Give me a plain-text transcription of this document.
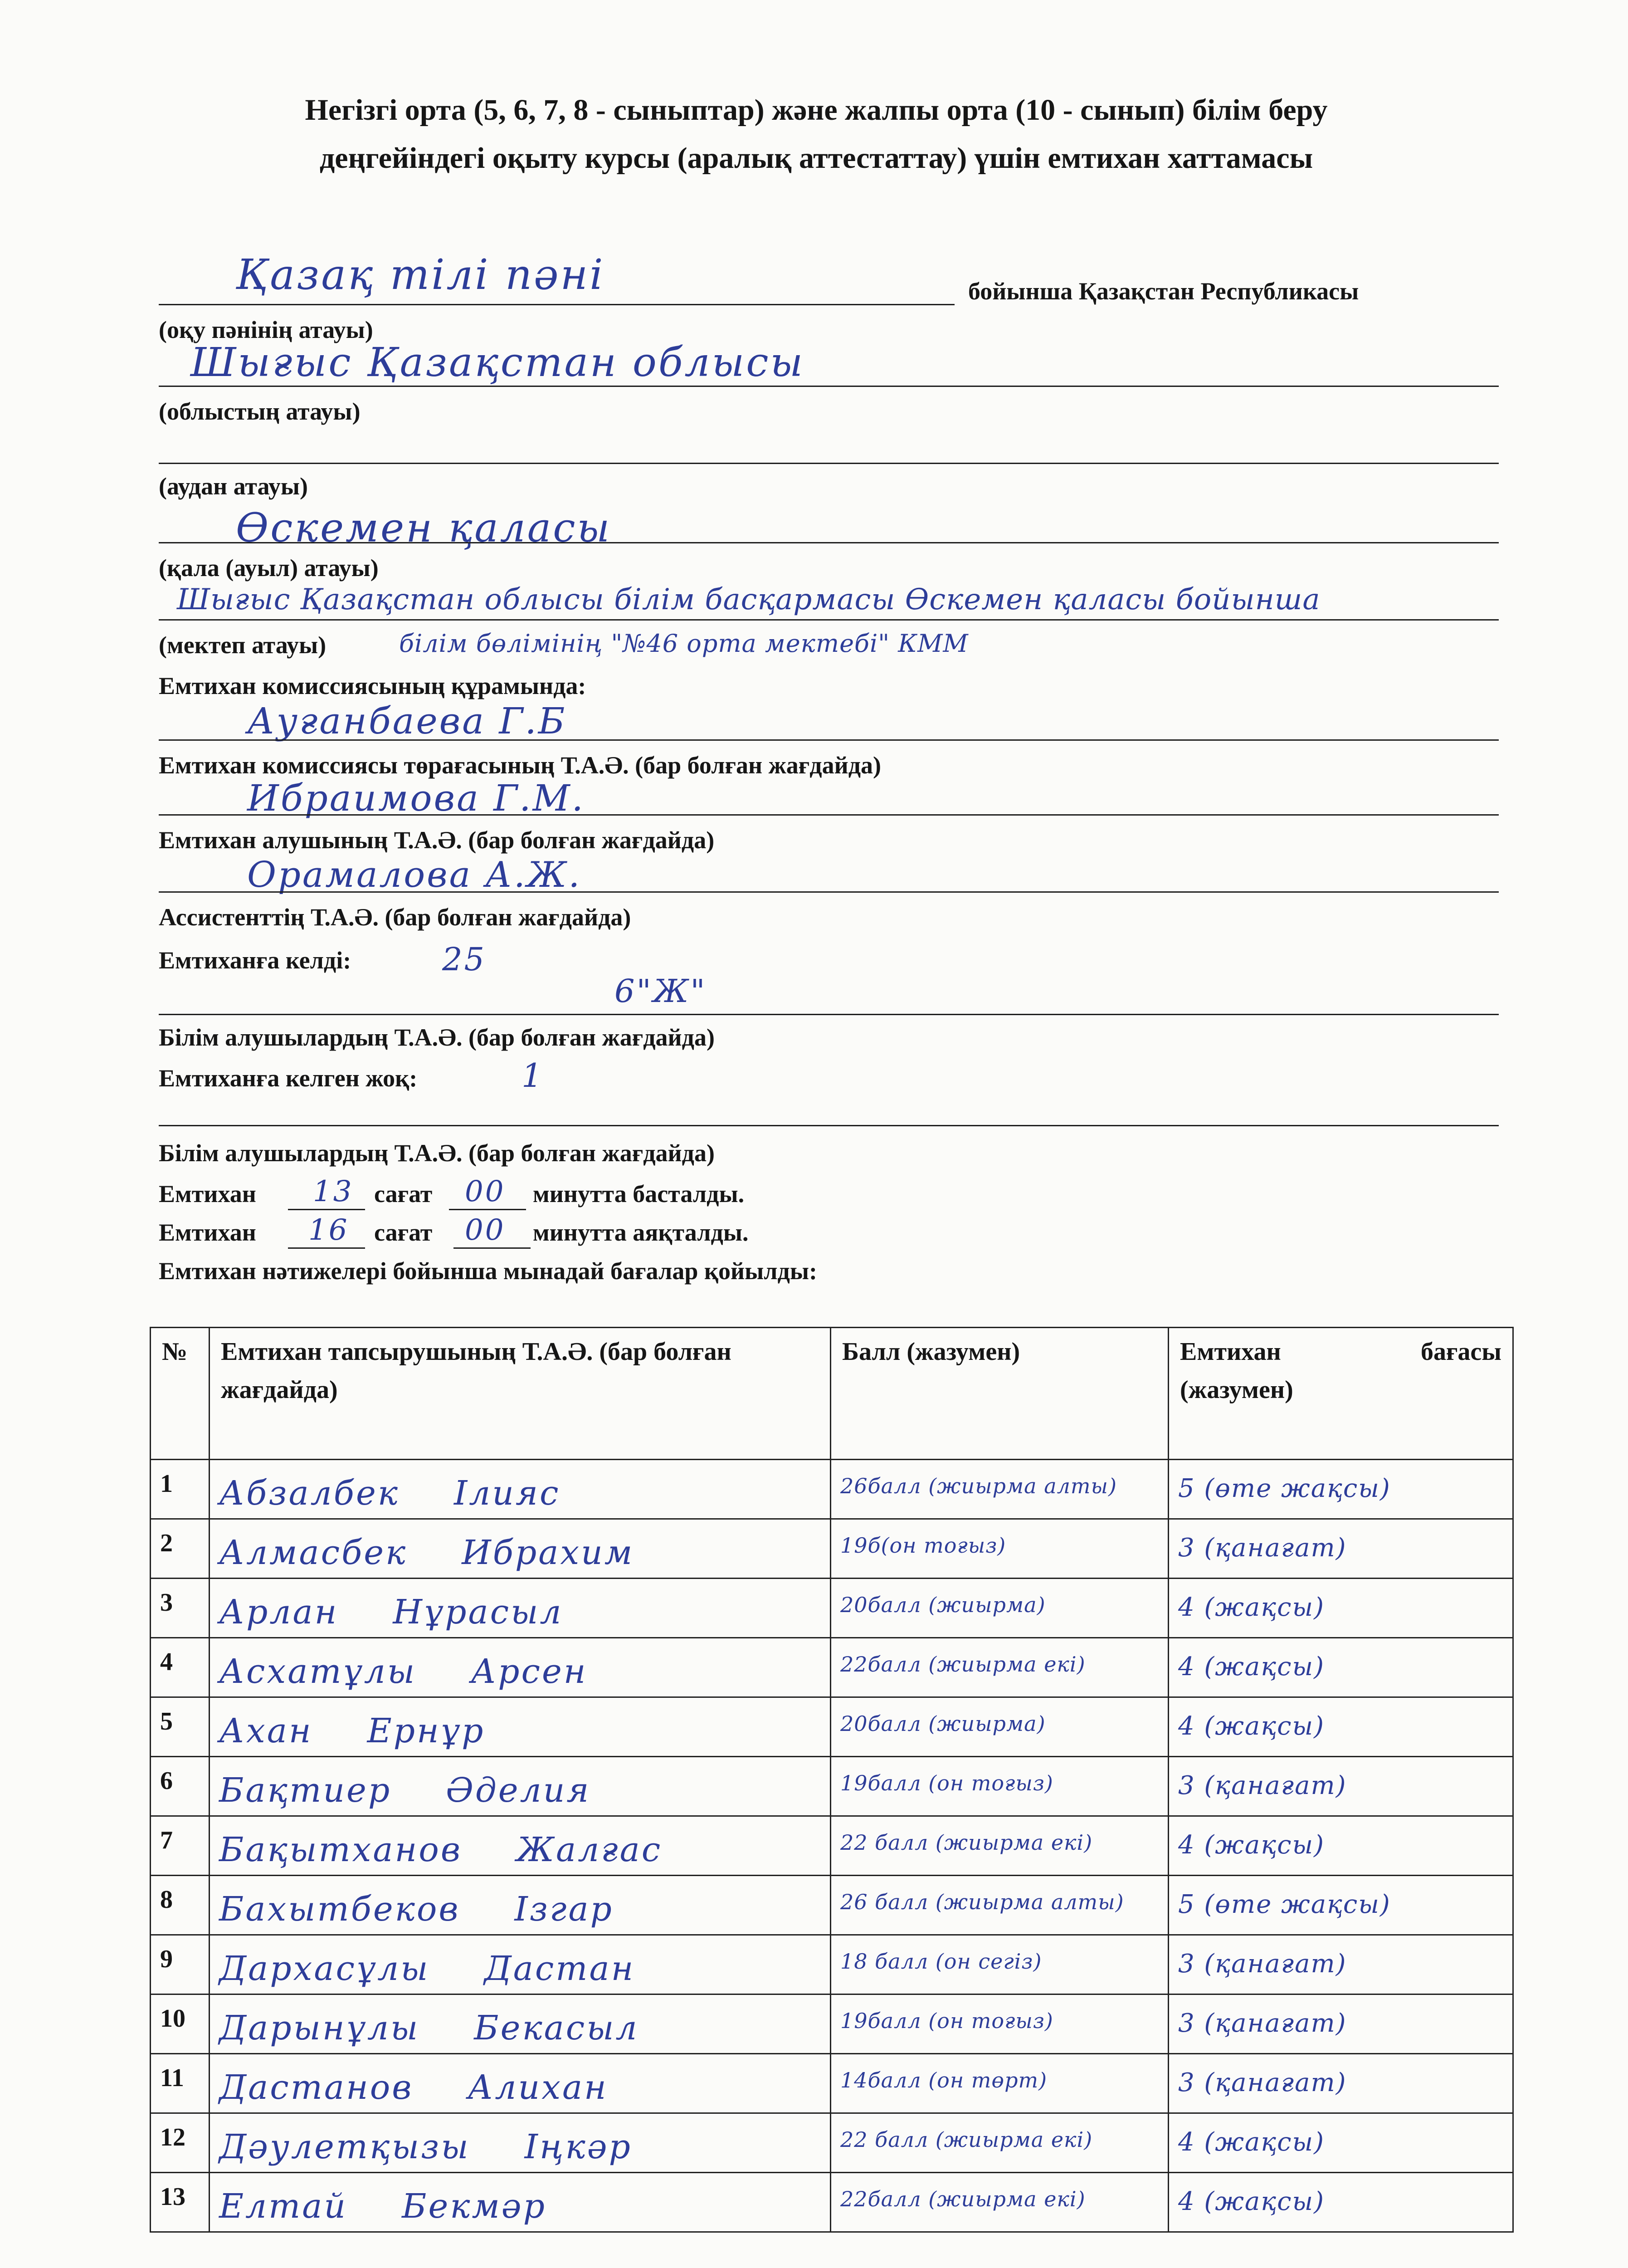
Негізгі орта (5, 6, 7, 8 - сыныптар) және жалпы орта (10 - сынып) білім беру
деңгейіндегі оқыту курсы (аралық аттестаттау) үшін емтихан хаттамасы
Қазақ тілі пәні	бойынша Қазақстан Республикасы
(оқу пәнінің атауы)
Шығыс Қазақстан облысы
(облыстың атауы)
(аудан атауы)
Өскемен қаласы
(қала (ауыл) атауы)
Шығыс Қазақстан облысы білім басқармасы Өскемен қаласы бойынша
(мектеп атауы)	білім бөлімінің "№46 орта мектебі" КММ
Емтихан комиссиясының құрамында:
Ауғанбаева Г.Б
Емтихан комиссиясы төрағасының Т.А.Ә. (бар болған жағдайда)
Ибраимова Г.М.
Емтихан алушының Т.А.Ә. (бар болған жағдайда)
Орамалова А.Ж.
Ассистенттің Т.А.Ә. (бар болған жағдайда)
Емтиханға келді:	25
6"Ж"
Білім алушылардың Т.А.Ә. (бар болған жағдайда)
Емтиханға келген жоқ:	1
Білім алушылардың Т.А.Ә. (бар болған жағдайда)
Емтихан 13 сағат 00 минутта басталды.
Емтихан 16 сағат 00 минутта аяқталды.
Емтихан нәтижелері бойынша мынадай бағалар қойылды:
№	Емтихан тапсырушының Т.А.Ә. (бар болған жағдайда)	Балл (жазумен)	Емтихан бағасы
(жазумен)

1	Абзалбек Ілияс	26балл (жиырма алты)	5 (өте жақсы)

2	Алмасбек Ибрахим	19б(он тоғыз)	3 (қанағат)

3	Арлан Нұрасыл	20балл (жиырма)	4 (жақсы)

4	Асхатұлы Арсен	22балл (жиырма екі)	4 (жақсы)

5	Ахан Ернұр	20балл (жиырма)	4 (жақсы)

6	Бақтиер Әделия	19балл (он тоғыз)	3 (қанағат)

7	Бақытханов Жалғас	22 балл (жиырма екі)	4 (жақсы)

8	Бахытбеков Ізгар	26 балл (жиырма алты)	5 (өте жақсы)

9	Дархасұлы Дастан	18 балл (он сегіз)	3 (қанағат)

10	Дарынұлы Бекасыл	19балл (он тоғыз)	3 (қанағат)

11	Дастанов Алихан	14балл (он төрт)	3 (қанағат)

12	Дәулетқызы Іңкәр	22 балл (жиырма екі)	4 (жақсы)

13	Елтай Бекмәр	22балл (жиырма екі)	4 (жақсы)
